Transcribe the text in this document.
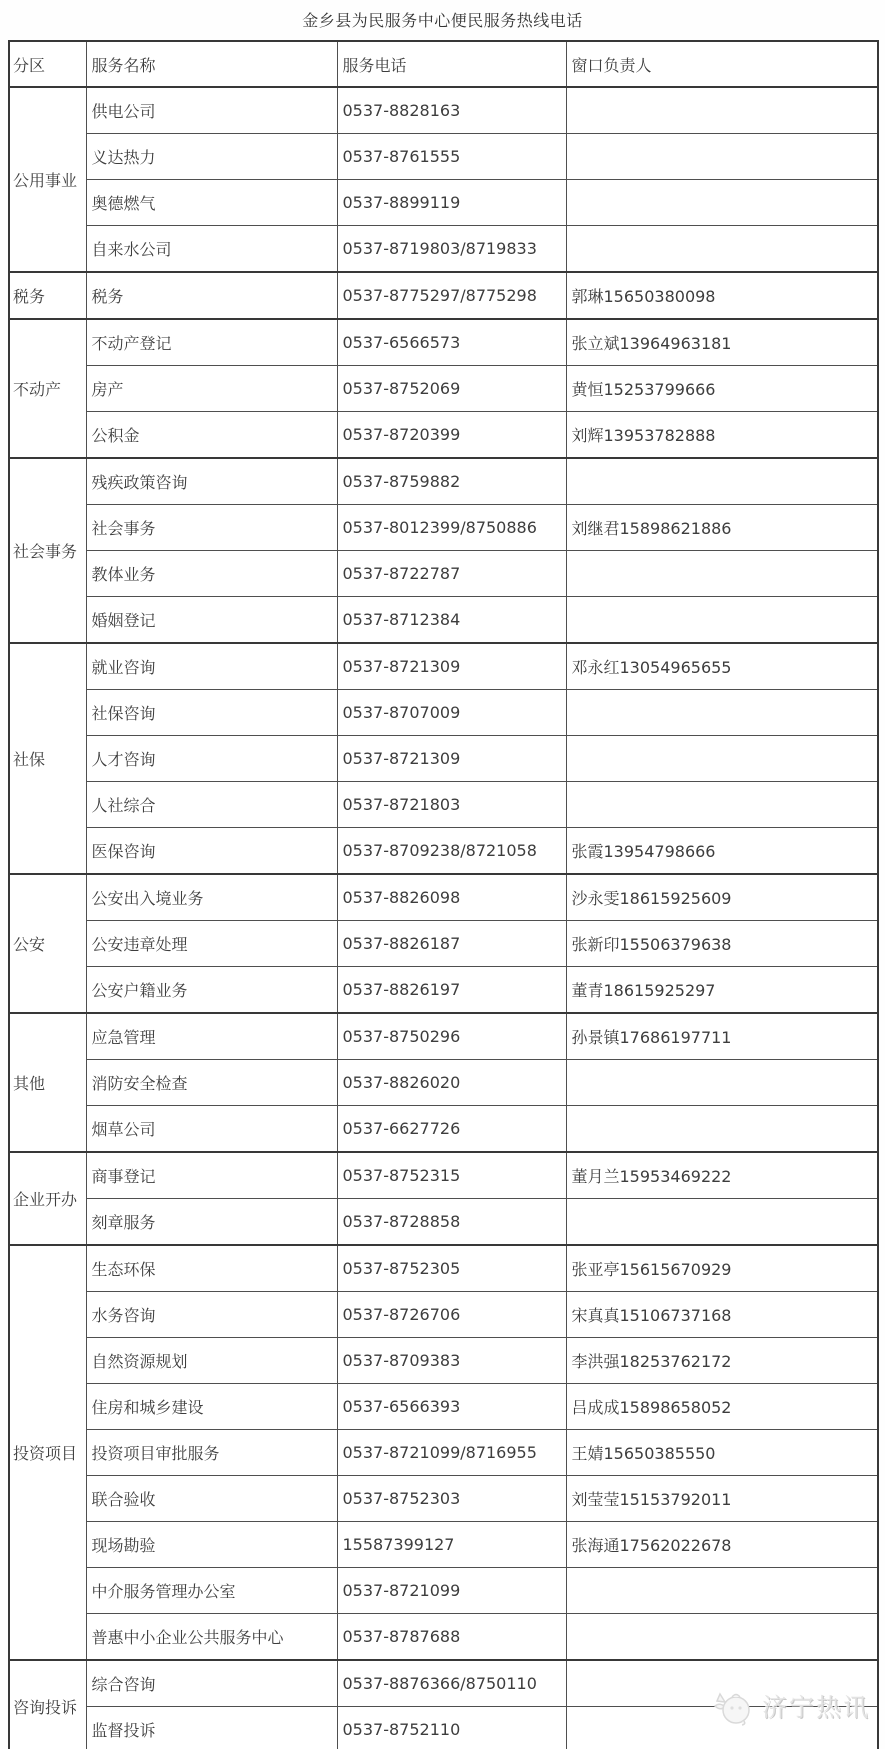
金乡县为民服务中心便民服务热线电话
分区	服务名称	服务电话	窗口负责人
公用事业	供电公司	0537-8828163	
	义达热力	0537-8761555	
	奥德燃气	0537-8899119	
	自来水公司	0537-8719803/8719833	
税务	税务	0537-8775297/8775298	郭琳15650380098
不动产	不动产登记	0537-6566573	张立斌13964963181
	房产	0537-8752069	黄恒15253799666
	公积金	0537-8720399	刘辉13953782888
社会事务	残疾政策咨询	0537-8759882	
	社会事务	0537-8012399/8750886	刘继君15898621886
	教体业务	0537-8722787	
	婚姻登记	0537-8712384	
社保	就业咨询	0537-8721309	邓永红13054965655
	社保咨询	0537-8707009	
	人才咨询	0537-8721309	
	人社综合	0537-8721803	
	医保咨询	0537-8709238/8721058	张霞13954798666
公安	公安出入境业务	0537-8826098	沙永雯18615925609
	公安违章处理	0537-8826187	张新印15506379638
	公安户籍业务	0537-8826197	董青18615925297
其他	应急管理	0537-8750296	孙景镇17686197711
	消防安全检查	0537-8826020	
	烟草公司	0537-6627726	
企业开办	商事登记	0537-8752315	董月兰15953469222
	刻章服务	0537-8728858	
投资项目	生态环保	0537-8752305	张亚亭15615670929
	水务咨询	0537-8726706	宋真真15106737168
	自然资源规划	0537-8709383	李洪强18253762172
	住房和城乡建设	0537-6566393	吕成成15898658052
	投资项目审批服务	0537-8721099/8716955	王婧15650385550
	联合验收	0537-8752303	刘莹莹15153792011
	现场勘验	15587399127	张海通17562022678
	中介服务管理办公室	0537-8721099	
	普惠中小企业公共服务中心	0537-8787688	
咨询投诉	综合咨询	0537-8876366/8750110	
	监督投诉	0537-8752110	
济宁热讯
